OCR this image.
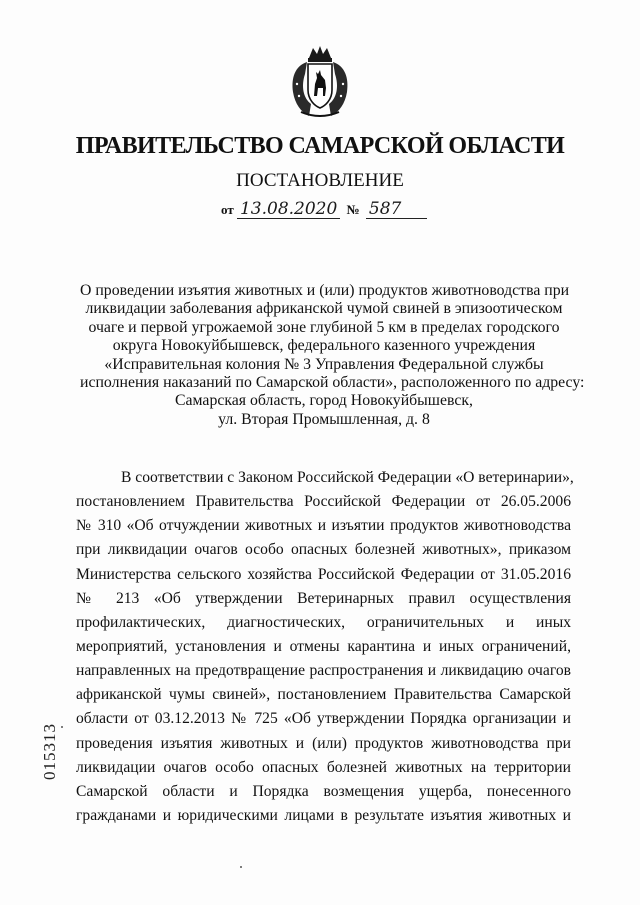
ПРАВИТЕЛЬСТВО САМАРСКОЙ ОБЛАСТИ
ПОСТАНОВЛЕНИЕ
от 13.08.2020 № 587
О проведении изъятия животных и (или) продуктов животноводства при
ликвидации заболевания африканской чумой свиней в эпизоотическом
очаге и первой угрожаемой зоне глубиной 5 км в пределах городского
округа Новокуйбышевск, федерального казенного учреждения
«Исправительная колония № 3 Управления Федеральной службы
исполнения наказаний по Самарской области», расположенного по адресу:
Самарская область, город Новокуйбышевск,
ул. Вторая Промышленная, д. 8
В соответствии с Законом Российской Федерации «О ветеринарии»,
постановлением Правительства Российской Федерации от 26.05.2006
№ 310 «Об отчуждении животных и изъятии продуктов животноводства
при ликвидации очагов особо опасных болезней животных», приказом
Министерства сельского хозяйства Российской Федерации от 31.05.2016
№ 213 «Об утверждении Ветеринарных правил осуществления
профилактических, диагностических, ограничительных и иных
мероприятий, установления и отмены карантина и иных ограничений,
направленных на предотвращение распространения и ликвидацию очагов
африканской чумы свиней», постановлением Правительства Самарской
области от 03.12.2013 № 725 «Об утверждении Порядка организации и
проведения изъятия животных и (или) продуктов животноводства при
ликвидации очагов особо опасных болезней животных на территории
Самарской области и Порядка возмещения ущерба, понесенного
гражданами и юридическими лицами в результате изъятия животных и
015313
